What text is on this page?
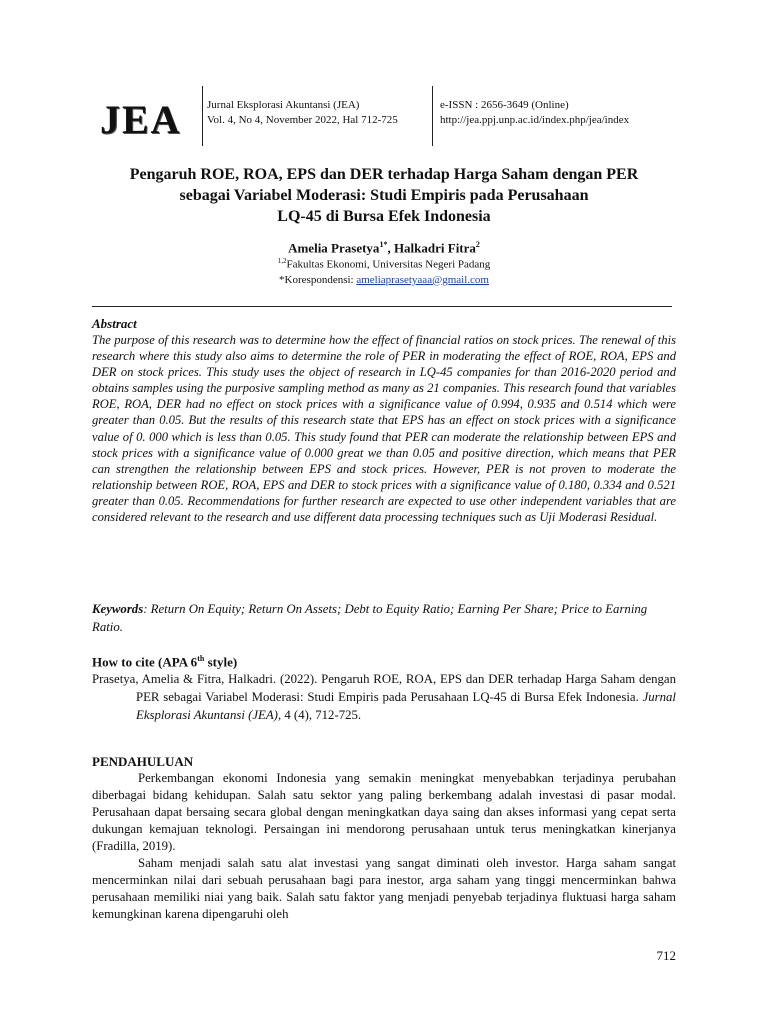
JEA Jurnal Eksplorasi Akuntansi (JEA)
Vol. 4, No 4, November 2022, Hal 712-725
e-ISSN : 2656-3649 (Online)
http://jea.ppj.unp.ac.id/index.php/jea/index
Pengaruh ROE, ROA, EPS dan DER terhadap Harga Saham dengan PER
sebagai Variabel Moderasi: Studi Empiris pada Perusahaan
LQ-45 di Bursa Efek Indonesia
Amelia Prasetya$^{1*}$, Halkadri Fitra$^2$
$^{1,2}$Fakultas Ekonomi, Universitas Negeri Padang
*Korespondensi: ameliaprasetyaaa@gmail.com
Abstract
The purpose of this research was to determine how the effect of financial ratios on stock prices. The renewal of this research where this study also aims to determine the role of PER in moderating the effect of ROE, ROA, EPS and DER on stock prices. This study uses the object of research in LQ-45 companies for than 2016-2020 period and obtains samples using the purposive sampling method as many as 21 companies. This research found that variables ROE, ROA, DER had no effect on stock prices with a significance value of 0.994, 0.935 and 0.514 which were greater than 0.05. But the results of this research state that EPS has an effect on stock prices with a significance value of 0. 000 which is less than 0.05. This study found that PER can moderate the relationship between EPS and stock prices with a significance value of 0.000 great we than 0.05 and positive direction, which means that PER can strengthen the relationship between EPS and stock prices. However, PER is not proven to moderate the relationship between ROE, ROA, EPS and DER to stock prices with a significance value of 0.180, 0.334 and 0.521 greater than 0.05. Recommendations for further research are expected to use other independent variables that are considered relevant to the research and use different data processing techniques such as Uji Moderasi Residual.
Keywords: Return On Equity; Return On Assets; Debt to Equity Ratio; Earning Per Share; Price to Earning Ratio.
How to cite (APA 6th style)
Prasetya, Amelia & Fitra, Halkadri. (2022). Pengaruh ROE, ROA, EPS dan DER terhadap Harga Saham dengan PER sebagai Variabel Moderasi: Studi Empiris pada Perusahaan LQ-45 di Bursa Efek Indonesia. Jurnal Eksplorasi Akuntansi (JEA), 4 (4), 712-725.
PENDAHULUAN

Perkembangan ekonomi Indonesia yang semakin meningkat menyebabkan terjadinya perubahan diberbagai bidang kehidupan. Salah satu sektor yang paling berkembang adalah investasi di pasar modal. Perusahaan dapat bersaing secara global dengan meningkatkan daya saing dan akses informasi yang cepat serta dukungan kemajuan teknologi. Persaingan ini mendorong perusahaan untuk terus meningkatkan kinerjanya (Fradilla, 2019).

Saham menjadi salah satu alat investasi yang sangat diminati oleh investor. Harga saham sangat mencerminkan nilai dari sebuah perusahaan bagi para inestor, arga saham yang tinggi mencerminkan bahwa perusahaan memiliki niai yang baik. Salah satu faktor yang menjadi penyebab terjadinya fluktuasi harga saham kemungkinan karena dipengaruhi oleh

712
